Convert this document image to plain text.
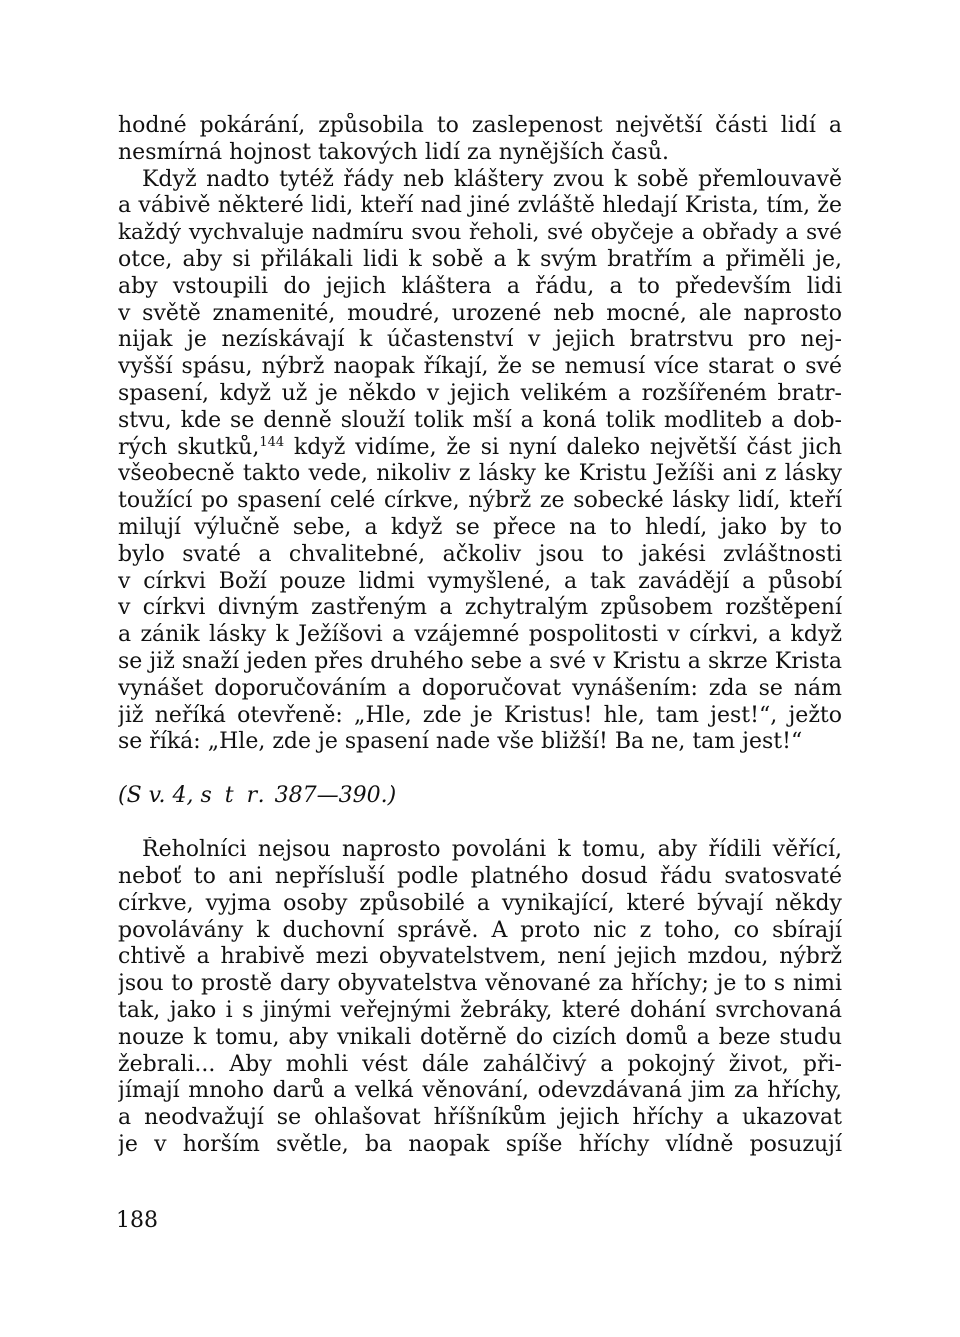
hodné pokárání, způsobila to zaslepenost největší části lidí a
nesmírná hojnost takových lidí za nynějších časů.
Když nadto tytéž řády neb kláštery zvou k sobě přemlouvavě
a vábivě některé lidi, kteří nad jiné zvláště hledají Krista, tím, že
každý vychvaluje nadmíru svou řeholi, své obyčeje a obřady a své
otce, aby si přilákali lidi k sobě a k svým bratřím a přiměli je,
aby vstoupili do jejich kláštera a řádu, a to především lidi
v světě znamenité, moudré, urozené neb mocné, ale naprosto
nijak je nezískávají k účastenství v jejich bratrstvu pro nej-
vyšší spásu, nýbrž naopak říkají, že se nemusí více starat o své
spasení, když už je někdo v jejich velikém a rozšířeném bratr-
stvu, kde se denně slouží tolik mší a koná tolik modliteb a dob-
rých skutků,$^{144}$ když vidíme, že si nyní daleko největší část jich
všeobecně takto vede, nikoliv z lásky ke Kristu Ježíši ani z lásky
toužící po spasení celé církve, nýbrž ze sobecké lásky lidí, kteří
milují výlučně sebe, a když se přece na to hledí, jako by to
bylo svaté a chvalitebné, ačkoliv jsou to jakési zvláštnosti
v církvi Boží pouze lidmi vymyšlené, a tak zavádějí a působí
v církvi divným zastřeným a zchytralým způsobem rozštěpení
a zánik lásky k Ježíšovi a vzájemné pospolitosti v církvi, a když
se již snaží jeden přes druhého sebe a své v Kristu a skrze Krista
vynášet doporučováním a doporučovat vynášením: zda se nám
již neříká otevřeně: „Hle, zde je Kristus! hle, tam jest!“, ježto
se říká: „Hle, zde je spasení nade vše bližší! Ba ne, tam jest!“
(S v. 4, s t r. 387—390.)
Řeholníci nejsou naprosto povoláni k tomu, aby řídili věřící,
neboť to ani nepřísluší podle platného dosud řádu svatosvaté
církve, vyjma osoby způsobilé a vynikající, které bývají někdy
povolávány k duchovní správě. A proto nic z toho, co sbírají
chtivě a hrabivě mezi obyvatelstvem, není jejich mzdou, nýbrž
jsou to prostě dary obyvatelstva věnované za hříchy; je to s nimi
tak, jako i s jinými veřejnými žebráky, které dohání svrchovaná
nouze k tomu, aby vnikali dotěrně do cizích domů a beze studu
žebrali... Aby mohli vést dále zahálčivý a pokojný život, při-
jímají mnoho darů a velká věnování, odevzdávaná jim za hříchy,
a neodvažují se ohlašovat hříšníkům jejich hříchy a ukazovat
je v horším světle, ba naopak spíše hříchy vlídně posuzují
188
